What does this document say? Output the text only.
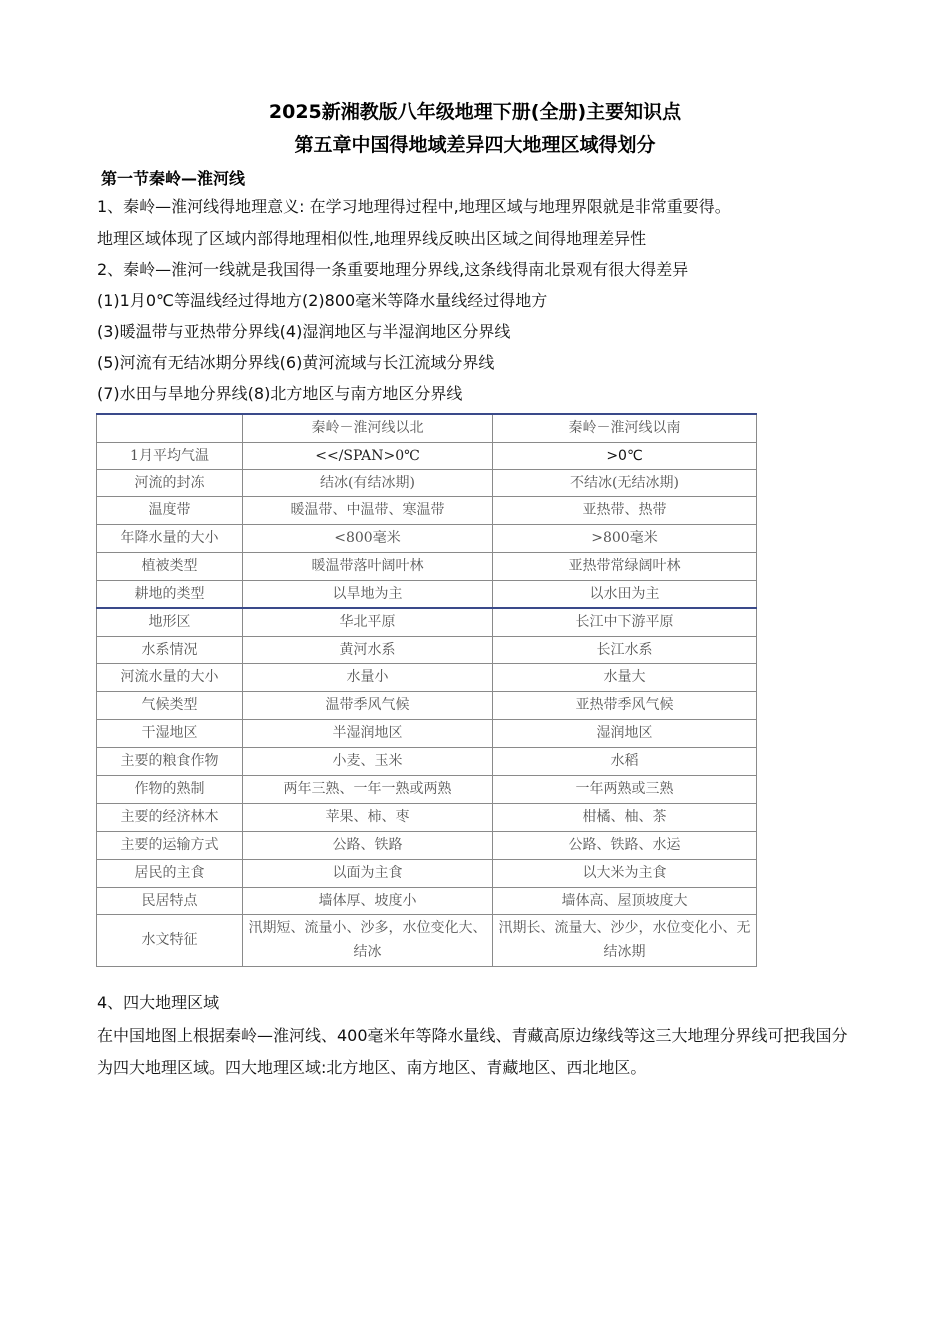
2025新湘教版八年级地理下册(全册)主要知识点
第五章中国得地域差异四大地理区域得划分
第一节秦岭—淮河线
1、秦岭—淮河线得地理意义: 在学习地理得过程中,地理区域与地理界限就是非常重要得。
地理区域体现了区域内部得地理相似性,地理界线反映出区域之间得地理差异性
2、秦岭—淮河一线就是我国得一条重要地理分界线,这条线得南北景观有很大得差异
(1)1月0℃等温线经过得地方(2)800毫米等降水量线经过得地方
(3)暖温带与亚热带分界线(4)湿润地区与半湿润地区分界线
(5)河流有无结冰期分界线(6)黄河流域与长江流域分界线
(7)水田与旱地分界线(8)北方地区与南方地区分界线
	秦岭－淮河线以北	秦岭－淮河线以南
1月平均气温	<</SPAN>0℃	>0℃
河流的封冻	结冰(有结冰期)	不结冰(无结冰期)
温度带	暖温带、中温带、寒温带	亚热带、热带
年降水量的大小	<800毫米	>800毫米
植被类型	暖温带落叶阔叶林	亚热带常绿阔叶林
耕地的类型	以旱地为主	以水田为主
地形区	华北平原	长江中下游平原
水系情况	黄河水系	长江水系
河流水量的大小	水量小	水量大
气候类型	温带季风气候	亚热带季风气候
干湿地区	半湿润地区	湿润地区
主要的粮食作物	小麦、玉米	水稻
作物的熟制	两年三熟、一年一熟或两熟	一年两熟或三熟
主要的经济林木	苹果、柿、枣	柑橘、柚、茶
主要的运输方式	公路、铁路	公路、铁路、水运
居民的主食	以面为主食	以大米为主食
民居特点	墙体厚、坡度小	墙体高、屋顶坡度大
水文特征	汛期短、流量小、沙多，水位变化大、结冰	汛期长、流量大、沙少，水位变化小、无结冰期
4、四大地理区域
在中国地图上根据秦岭—淮河线、400毫米年等降水量线、青藏高原边缘线等这三大地理分界线可把我国分为四大地理区域。四大地理区域:北方地区、南方地区、青藏地区、西北地区。
